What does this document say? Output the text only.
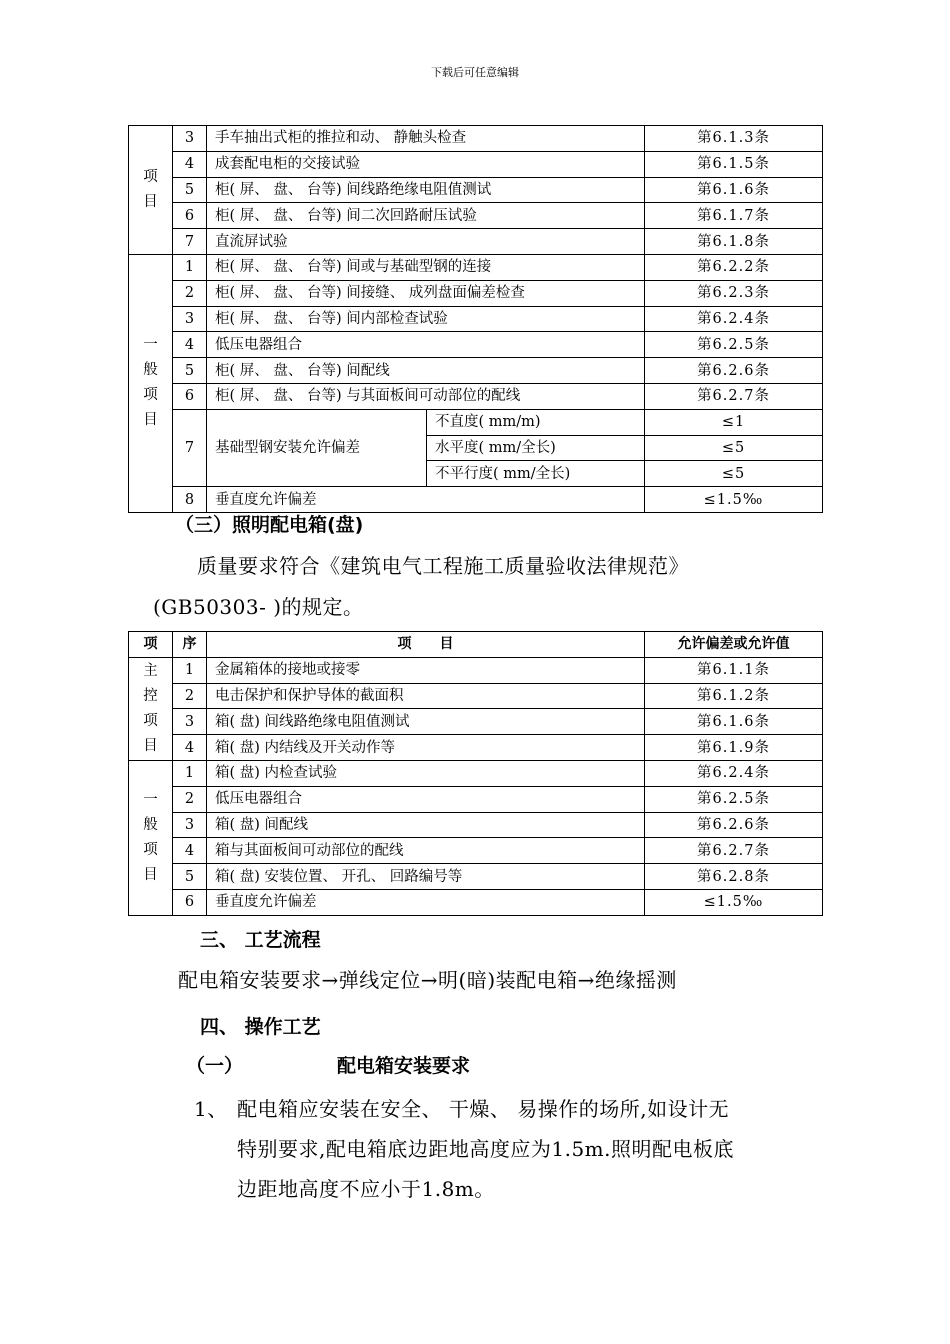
下载后可任意编辑
项
目	3	手车抽出式柜的推拉和动、 静触头检查		第6.1.3条
	4	成套配电柜的交接试验		第6.1.5条
	5	柜( 屏、 盘、 台等) 间线路绝缘电阻值测试		第6.1.6条
	6	柜( 屏、 盘、 台等) 间二次回路耐压试验		第6.1.7条
	7	直流屏试验		第6.1.8条
一
般
项
目	1	柜( 屏、 盘、 台等) 间或与基础型钢的连接		第6.2.2条
	2	柜( 屏、 盘、 台等) 间接缝、 成列盘面偏差检查		第6.2.3条
	3	柜( 屏、 盘、 台等) 间内部检查试验		第6.2.4条
	4	低压电器组合		第6.2.5条
	5	柜( 屏、 盘、 台等) 间配线		第6.2.6条
	6	柜( 屏、 盘、 台等) 与其面板间可动部位的配线		第6.2.7条
	7	基础型钢安装允许偏差	不直度( mm/m)	≤1
			水平度( mm/全长)	≤5
			不平行度( mm/全长)	≤5
	8	垂直度允许偏差		≤1.5‰
（三）照明配电箱(盘)
质量要求符合《建筑电气工程施工质量验收法律规范》
(GB50303- )的规定。
项	序	项　　目	允许偏差或允许值
主
控
项
目	1	金属箱体的接地或接零	第6.1.1条
	2	电击保护和保护导体的截面积	第6.1.2条
	3	箱( 盘) 间线路绝缘电阻值测试	第6.1.6条
	4	箱( 盘) 内结线及开关动作等	第6.1.9条
一
般
项
目	1	箱( 盘) 内检查试验	第6.2.4条
	2	低压电器组合	第6.2.5条
	3	箱( 盘) 间配线	第6.2.6条
	4	箱与其面板间可动部位的配线	第6.2.7条
	5	箱( 盘) 安装位置、 开孔、 回路编号等	第6.2.8条
	6	垂直度允许偏差	≤1.5‰
三、 工艺流程
配电箱安装要求→弹线定位→明(暗)装配电箱→绝缘摇测
四、 操作工艺
（一）	配电箱安装要求
1、 配电箱应安装在安全、 干燥、 易操作的场所,如设计无
特别要求,配电箱底边距地高度应为1.5m.照明配电板底
边距地高度不应小于1.8m。
